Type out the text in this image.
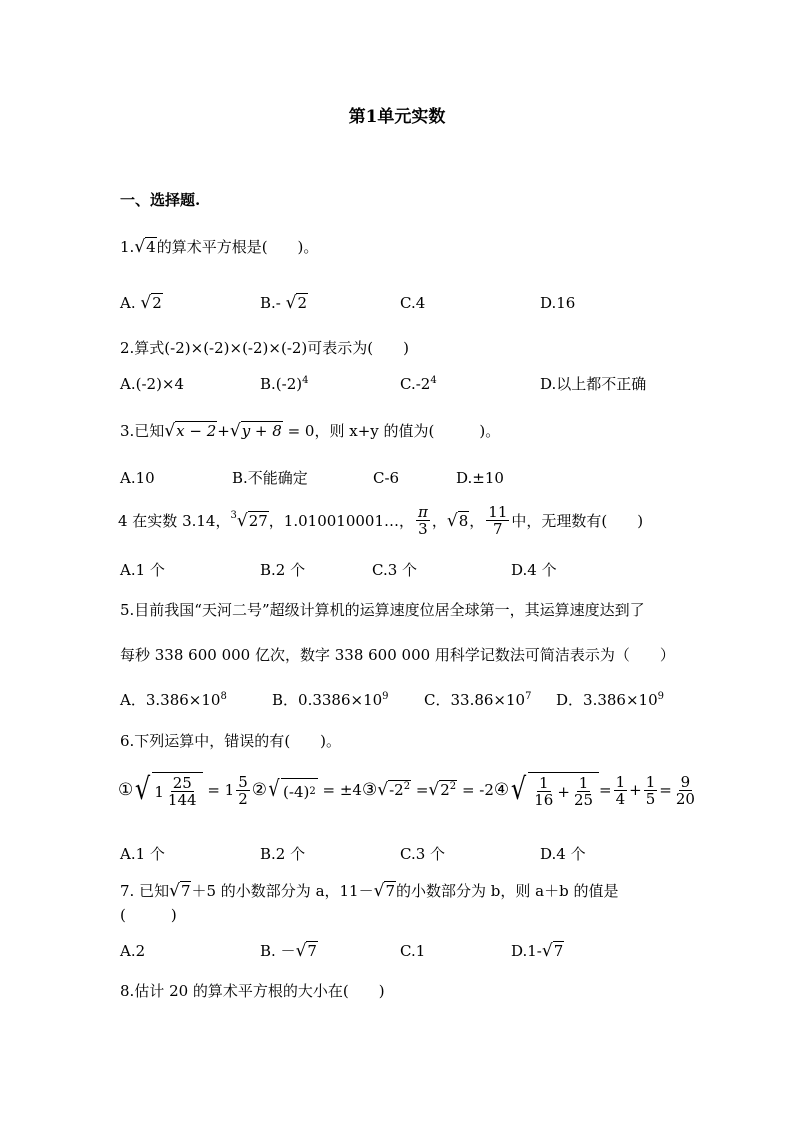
第1单元实数
一、选择题.
1.√4的算术平方根是(　　)。
A. √2	B.- √2	C.4	D.16
2.算式(-2)×(-2)×(-2)×(-2)可表示为(　　)
A.(-2)×4	$B.(-2)^4$	$C.-2^4$	D.以上都不正确
3.已知√x − 2+√y + 8 = 0，则 x+y 的值为(　　　)。
A.10	B.不能确定	C-6	D.±10
4 在实数 3.14， $^3$√27 ，1.010010001…， $\frac{\pi}{3}$ ， √8 ， $\frac{11}{7}$ 中，无理数有(　　)
A.1 个	B.2 个	C.3 个	D.4 个
5.目前我国“天河二号”超级计算机的运算速度位居全球第一，其运算速度达到了
每秒 338 600 000 亿次，数字 338 600 000 用科学记数法可简洁表示为（　　）
A．$3.386\times 10^8$	B．$0.3386\times 10^9$ C．$33.86\times 10^7$ D．$3.386\times 10^9$
6.下列运算中，错误的有(　　)。
① √ $1 \frac{25}{144} = 1 \frac{5}{2}$ ② √ (-4) 2 = ±4 ③ $√-2^2 = √2^2 = -2$ ④ √ $\frac{1}{16} + \frac{1}{25} = \frac{1}{4} + \frac{1}{5} = \frac{9}{20}$
A.1 个	B.2 个	C.3 个	D.4 个
7. 已知√7＋5 的小数部分为 a，11－√7的小数部分为 b，则 a＋b 的值是
(　　　)
A.2	B. －√7	C.1	D.1-√7
8.估计 20 的算术平方根的大小在(　　)
